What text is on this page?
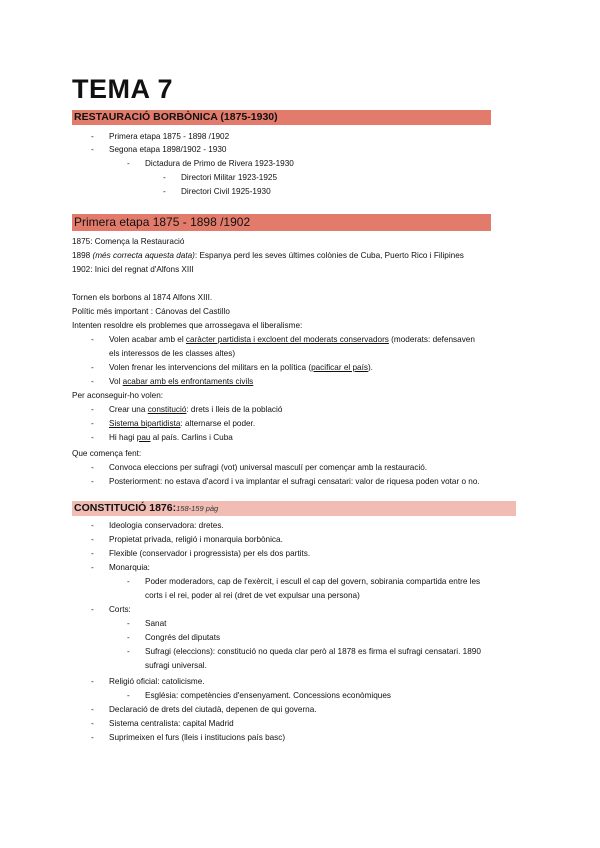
TEMA 7
RESTAURACIÓ BORBÒNICA (1875-1930)
- Primera etapa 1875 - 1898 /1902
- Segona etapa 1898/1902 - 1930
- Dictadura de Primo de Rivera 1923-1930
- Directori Militar 1923-1925
- Directori Civil 1925-1930
Primera etapa 1875 - 1898 /1902
1875: Comença la Restauració
1898 (més correcta aquesta data): Espanya perd les seves últimes colònies de Cuba, Puerto Rico i Filipines
1902: Inici del regnat d'Alfons XIII
Tornen els borbons al 1874 Alfons XIII.
Polític més important : Cánovas del Castillo
Intenten resoldre els problemes que arrossegava el liberalisme:
- Volen acabar amb el caràcter partidista i excloent del moderats conservadors (moderats: defensaven
els interessos de les classes altes)
- Volen frenar les intervencions del militars en la política (pacificar el país).
- Vol acabar amb els enfrontaments civils
Per aconseguir-ho volen:
- Crear una constitució: drets i lleis de la població
- Sistema bipartidista: alternarse el poder.
- Hi hagi pau al país. Carlins i Cuba
Que comença fent:
- Convoca eleccions per sufragi (vot) universal masculí per començar amb la restauració.
- Posteriorment: no estava d'acord i va implantar el sufragi censatari: valor de riquesa poden votar o no.
CONSTITUCIÓ 1876:158-159 pàg
- Ideologia conservadora: dretes.
- Propietat privada, religió i monarquia borbònica.
- Flexible (conservador i progressista) per els dos partits.
- Monarquia:
- Poder moderadors, cap de l'exèrcit, i escull el cap del govern, sobirania compartida entre les
corts i el rei, poder al rei (dret de vet expulsar una persona)
- Corts:
- Sanat
- Congrés del diputats
- Sufragi (eleccions): constitució no queda clar però al 1878 es firma el sufragi censatari. 1890
sufragi universal.
- Religió oficial: catolicisme.
- Església: competències d'ensenyament. Concessions econòmiques
- Declaració de drets del ciutadà, depenen de qui governa.
- Sistema centralista: capital Madrid
- Suprimeixen el furs (lleis i institucions país basc)
